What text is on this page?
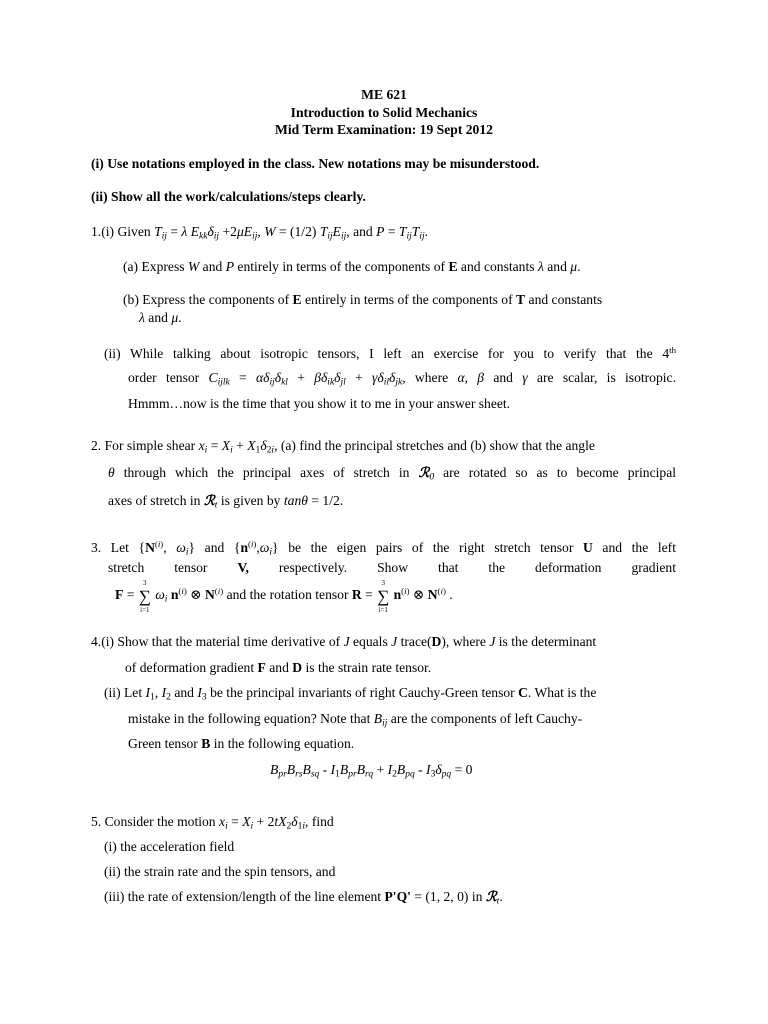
ME 621
Introduction to Solid Mechanics
Mid Term Examination: 19 Sept 2012
(i) Use notations employed in the class. New notations may be misunderstood.
(ii) Show all the work/calculations/steps clearly.
1.(i) Given $T_{ij} = \lambda$ $E_{kk}\delta_{ij} +2\mu E_{ij}$, W = (1/2) $T_{ij}E_{ij}$, and $P = T_{ij}T_{ij}$.
(a) Express W and P entirely in terms of the components of E and constants λ and μ.
(b) Express the components of E entirely in terms of the components of T and constants
λ and μ.
(ii) While talking about isotropic tensors, I left an exercise for you to verify that the 4th
order tensor $C_{ijlk} = \alpha\delta_{ij}\delta_{kl} + \beta\delta_{ik}\delta_{jl} + \gamma\delta_{il}\delta_{jk}$, where α, β and γ are scalar, is isotropic.
Hmmm…now is the time that you show it to me in your answer sheet.
2. For simple shear $x_i = X_i + X_1\delta_{2i}$, (a) find the principal stretches and (b) show that the angle
θ through which the principal axes of stretch in ℛ$_0$ are rotated so as to become principal
axes of stretch in ℛ$_t$ is given by tanθ = 1/2.
3. Let {$N^{(i)}$, $\omega_i$} and $\{n^{(i)},\omega_i\}$ be the eigen pairs of the right stretch tensor U and the left
stretch tensor V, respectively. Show that the deformation gradient
F = ∑
3
i=1
$\omega_i$ $n^{(i)}$ ⊗ $N^{(i)}$ and the rotation tensor R = ∑
3
i=1
$n^{(i)}$ ⊗ $N^{(i)}$ .
4.(i) Show that the material time derivative of J equals J trace(D), where J is the determinant
of deformation gradient F and D is the strain rate tensor.
(ii) Let $I_1$, $I_2$ and $I_3$ be the principal invariants of right Cauchy-Green tensor C. What is the
mistake in the following equation? Note that $B_{ij}$ are the components of left Cauchy-
Green tensor B in the following equation.
$B_{pr}B_{rs}B_{sq} - I_1B_{pr}B_{rq} + I_2B_{pq} - I_3\delta_{pq} = 0$
5. Consider the motion $x_i = X_i + 2tX_2\delta_{1i}$, find
(i) the acceleration field
(ii) the strain rate and the spin tensors, and
(iii) the rate of extension/length of the line element P'Q' = (1, 2, 0) in ℛ$_t$.
